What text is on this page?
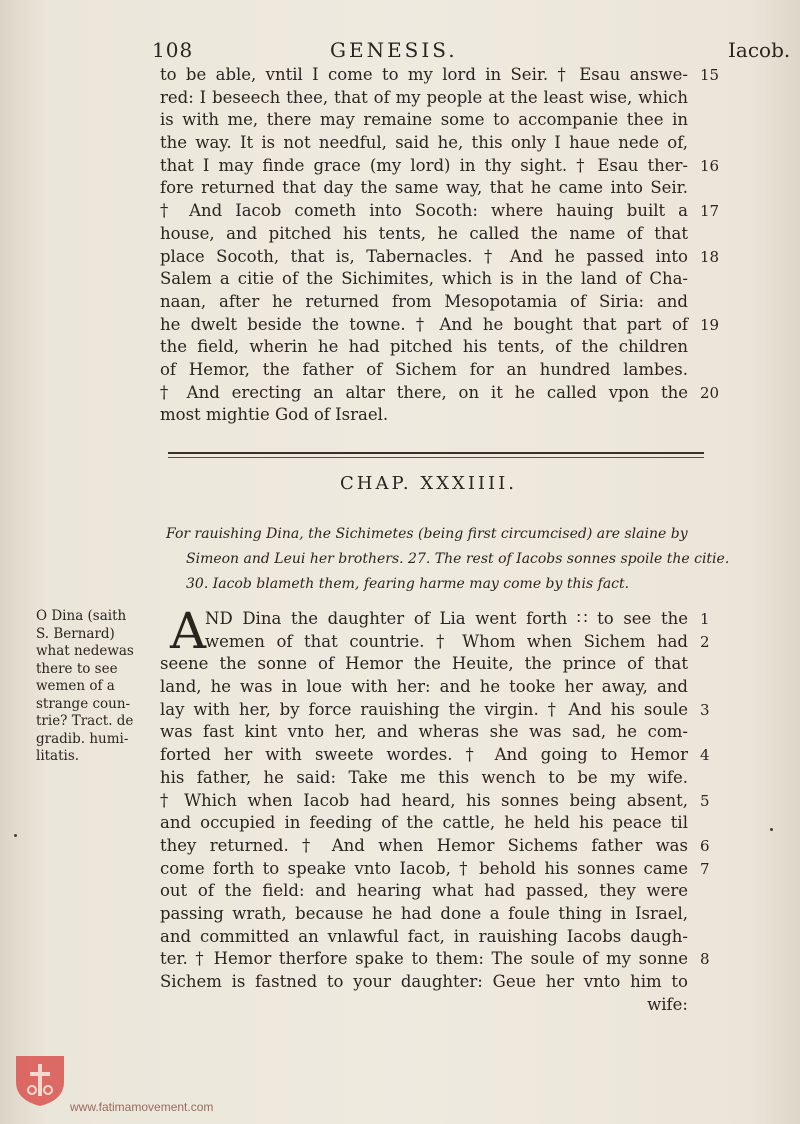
108	GENESIS.	Iacob.
to be able, vntil I come to my lord in Seir. † Esau answe- 15
red: I beseech thee, that of my people at the least wise, which
is with me, there may remaine some to accompanie thee in
the way. It is not needful, said he, this only I haue nede of,
that I may finde grace (my lord) in thy sight. † Esau ther- 16
fore returned that day the same way, that he came into Seir.
† And Iacob cometh into Socoth: where hauing built a 17
house, and pitched his tents, he called the name of that
place Socoth, that is, Tabernacles. † And he passed into 18
Salem a citie of the Sichimites, which is in the land of Cha-
naan, after he returned from Mesopotamia of Siria: and
he dwelt beside the towne. † And he bought that part of 19
the field, wherin he had pitched his tents, of the children
of Hemor, the father of Sichem for an hundred lambes.
† And erecting an altar there, on it he called vpon the 20
most mightie God of Israel.
CHAP. XXXIIII.
For rauishing Dina, the Sichimetes (being first circumcised) are slaine by
Simeon and Leui her brothers. 27. The rest of Iacobs sonnes spoile the citie.
30. Iacob blameth them, fearing harme may come by this fact.
O Dina (saith
S. Bernard)
what nedewas
there to see
wemen of a
strange coun-
trie? Tract. de
gradib. humi-
litatis.
A
ND Dina the daughter of Lia went forth ∷ to see the 1
wemen of that countrie. † Whom when Sichem had 2
seene the sonne of Hemor the Heuite, the prince of that
land, he was in loue with her: and he tooke her away, and
lay with her, by force rauishing the virgin. † And his soule 3
was fast kint vnto her, and wheras she was sad, he com-
forted her with sweete wordes. † And going to Hemor 4
his father, he said: Take me this wench to be my wife.
† Which when Iacob had heard, his sonnes being absent, 5
and occupied in feeding of the cattle, he held his peace til
they returned. † And when Hemor Sichems father was 6
come forth to speake vnto Iacob, † behold his sonnes came 7
out of the field: and hearing what had passed, they were
passing wrath, because he had done a foule thing in Israel,
and committed an vnlawful fact, in rauishing Iacobs daugh-
ter. † Hemor therfore spake to them: The soule of my sonne 8
Sichem is fastned to your daughter: Geue her vnto him to
wife:
www.fatimamovement.com
